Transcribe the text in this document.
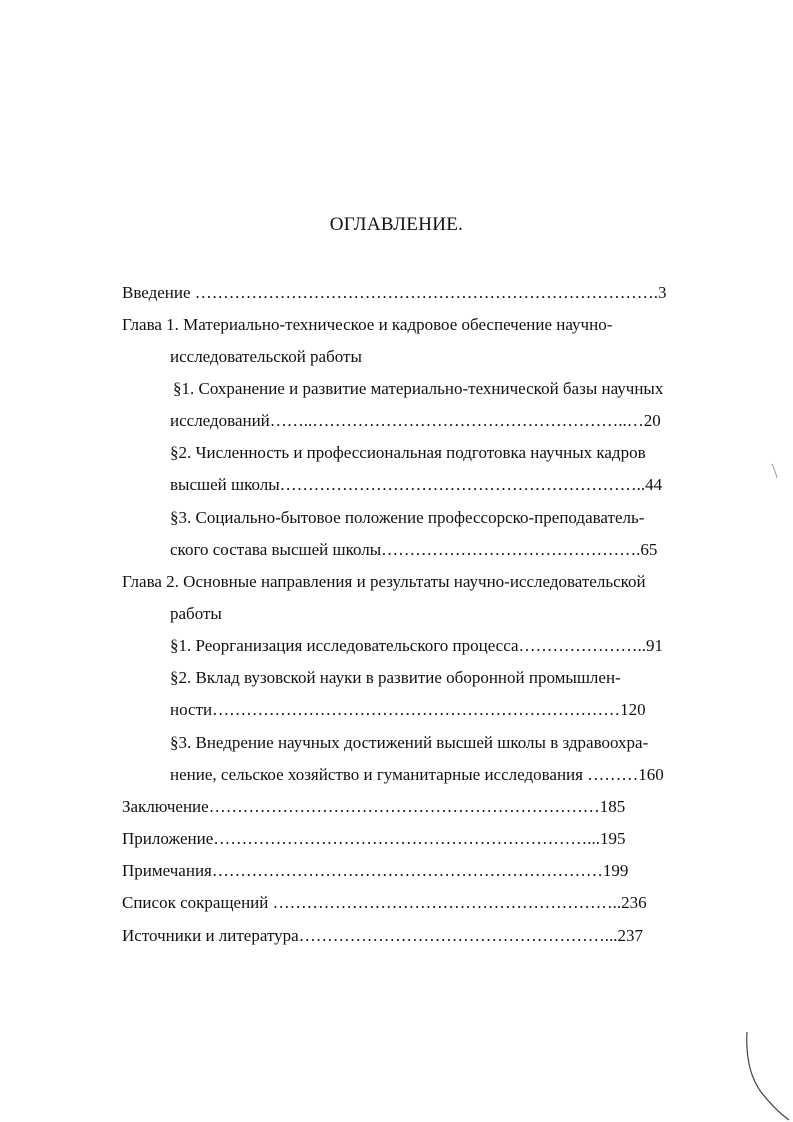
ОГЛАВЛЕНИЕ.
Введение ……………………………………………………………………….3
Глава 1. Материально-техническое и кадровое обеспечение научно-
исследовательской работы
§1. Сохранение и развитие материально-технической базы научных
исследований……..………………………………………………..…20
§2. Численность и профессиональная подготовка научных кадров
высшей школы………………………………………………………..44
§3. Социально-бытовое положение профессорско-преподаватель-
ского состава высшей школы……………………………………….65
Глава 2. Основные направления и результаты научно-исследовательской
работы
§1. Реорганизация исследовательского процесса…………………..91
§2. Вклад вузовской науки в развитие оборонной промышлен-
ности………………………………………………………………120
§3. Внедрение научных достижений высшей школы в здравоохра-
нение, сельское хозяйство и гуманитарные исследования ………160
Заключение……………………………………………………………185
Приложение…………………………………………………………...195
Примечания……………………………………………………………199
Список сокращений ……………………………………………………..236
Источники и литература………………………………………………...237
